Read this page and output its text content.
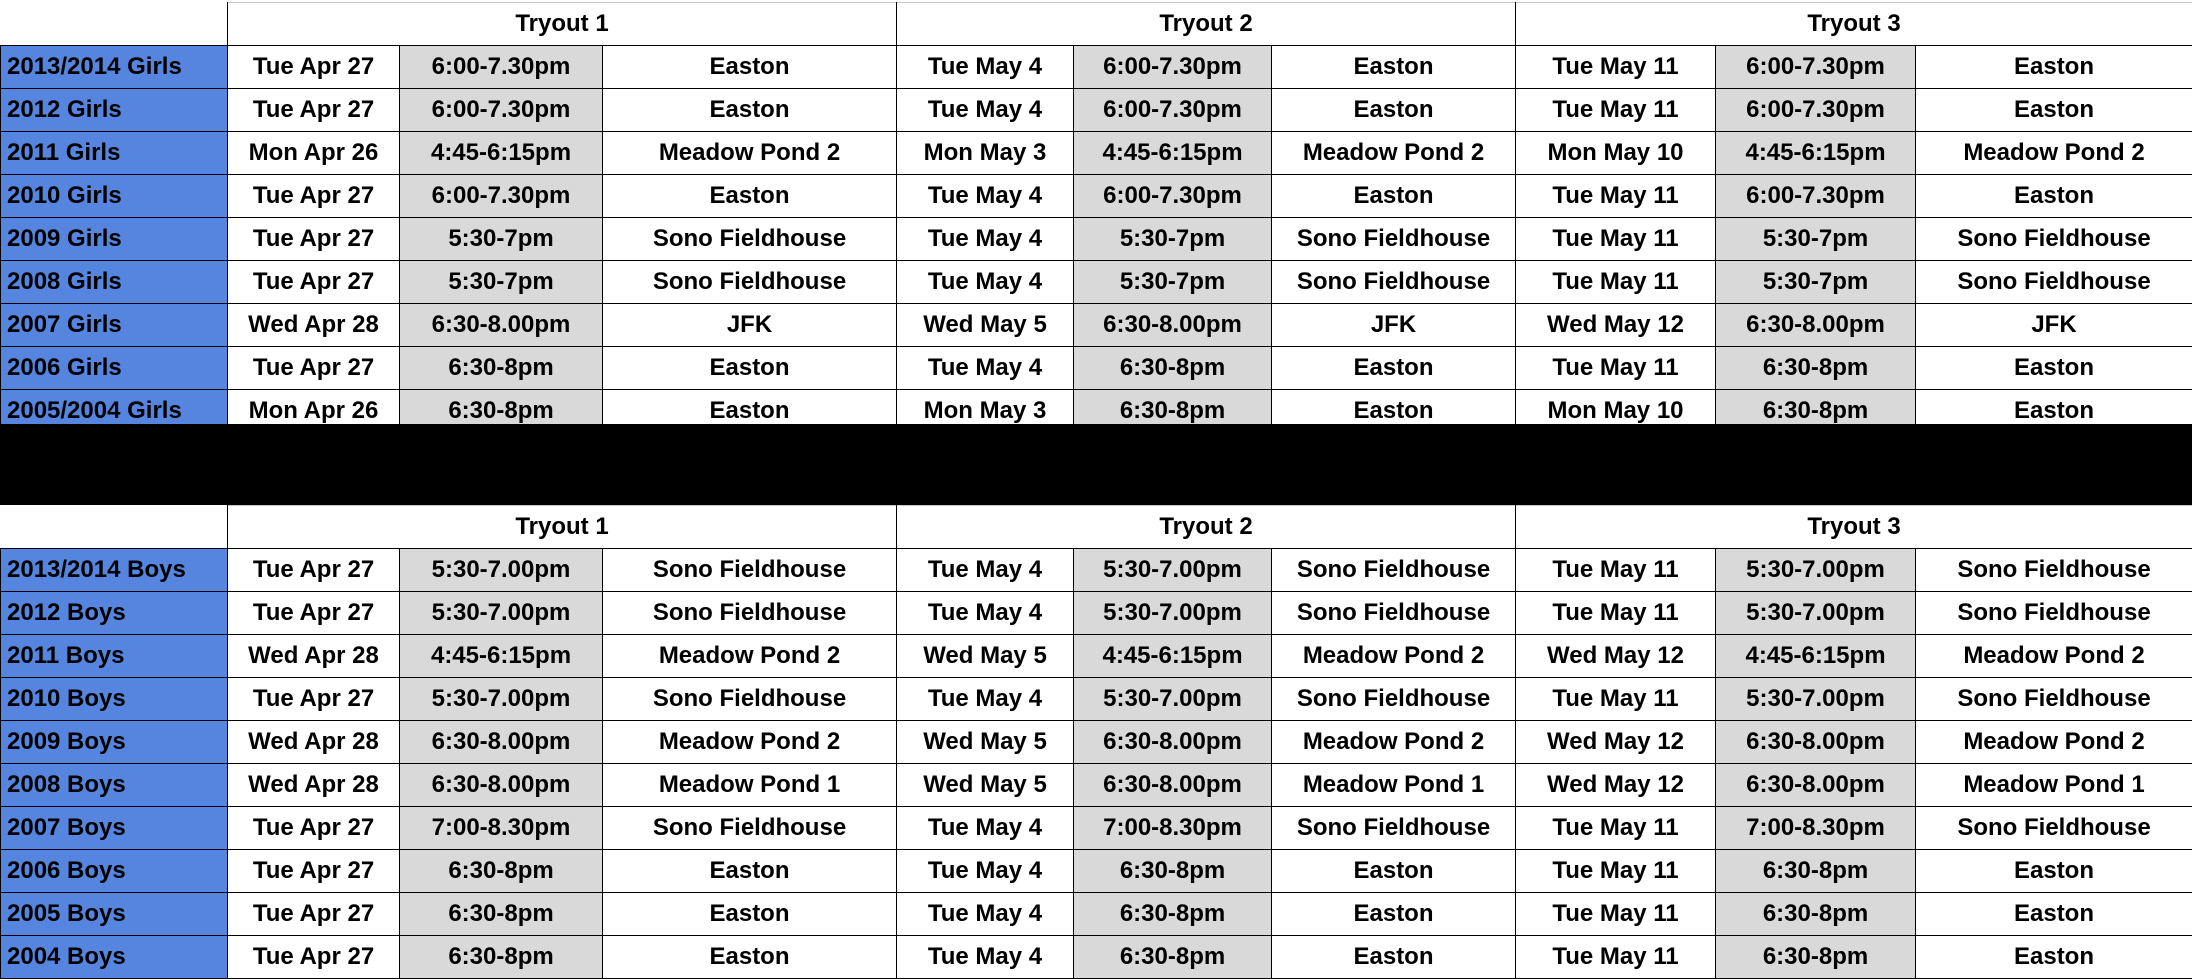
	Tryout 1			Tryout 2			Tryout 3		
2013/2014 Girls	Tue Apr 27	6:00-7.30pm	Easton	Tue May 4	6:00-7.30pm	Easton	Tue May 11	6:00-7.30pm	Easton
2012 Girls	Tue Apr 27	6:00-7.30pm	Easton	Tue May 4	6:00-7.30pm	Easton	Tue May 11	6:00-7.30pm	Easton
2011 Girls	Mon Apr 26	4:45-6:15pm	Meadow Pond 2	Mon May 3	4:45-6:15pm	Meadow Pond 2	Mon May 10	4:45-6:15pm	Meadow Pond 2
2010 Girls	Tue Apr 27	6:00-7.30pm	Easton	Tue May 4	6:00-7.30pm	Easton	Tue May 11	6:00-7.30pm	Easton
2009 Girls	Tue Apr 27	5:30-7pm	Sono Fieldhouse	Tue May 4	5:30-7pm	Sono Fieldhouse	Tue May 11	5:30-7pm	Sono Fieldhouse
2008 Girls	Tue Apr 27	5:30-7pm	Sono Fieldhouse	Tue May 4	5:30-7pm	Sono Fieldhouse	Tue May 11	5:30-7pm	Sono Fieldhouse
2007 Girls	Wed Apr 28	6:30-8.00pm	JFK	Wed May 5	6:30-8.00pm	JFK	Wed May 12	6:30-8.00pm	JFK
2006 Girls	Tue Apr 27	6:30-8pm	Easton	Tue May 4	6:30-8pm	Easton	Tue May 11	6:30-8pm	Easton
2005/2004 Girls	Mon Apr 26	6:30-8pm	Easton	Mon May 3	6:30-8pm	Easton	Mon May 10	6:30-8pm	Easton
	Tryout 1			Tryout 2			Tryout 3		
2013/2014 Boys	Tue Apr 27	5:30-7.00pm	Sono Fieldhouse	Tue May 4	5:30-7.00pm	Sono Fieldhouse	Tue May 11	5:30-7.00pm	Sono Fieldhouse
2012 Boys	Tue Apr 27	5:30-7.00pm	Sono Fieldhouse	Tue May 4	5:30-7.00pm	Sono Fieldhouse	Tue May 11	5:30-7.00pm	Sono Fieldhouse
2011 Boys	Wed Apr 28	4:45-6:15pm	Meadow Pond 2	Wed May 5	4:45-6:15pm	Meadow Pond 2	Wed May 12	4:45-6:15pm	Meadow Pond 2
2010 Boys	Tue Apr 27	5:30-7.00pm	Sono Fieldhouse	Tue May 4	5:30-7.00pm	Sono Fieldhouse	Tue May 11	5:30-7.00pm	Sono Fieldhouse
2009 Boys	Wed Apr 28	6:30-8.00pm	Meadow Pond 2	Wed May 5	6:30-8.00pm	Meadow Pond 2	Wed May 12	6:30-8.00pm	Meadow Pond 2
2008 Boys	Wed Apr 28	6:30-8.00pm	Meadow Pond 1	Wed May 5	6:30-8.00pm	Meadow Pond 1	Wed May 12	6:30-8.00pm	Meadow Pond 1
2007 Boys	Tue Apr 27	7:00-8.30pm	Sono Fieldhouse	Tue May 4	7:00-8.30pm	Sono Fieldhouse	Tue May 11	7:00-8.30pm	Sono Fieldhouse
2006 Boys	Tue Apr 27	6:30-8pm	Easton	Tue May 4	6:30-8pm	Easton	Tue May 11	6:30-8pm	Easton
2005 Boys	Tue Apr 27	6:30-8pm	Easton	Tue May 4	6:30-8pm	Easton	Tue May 11	6:30-8pm	Easton
2004 Boys	Tue Apr 27	6:30-8pm	Easton	Tue May 4	6:30-8pm	Easton	Tue May 11	6:30-8pm	Easton
